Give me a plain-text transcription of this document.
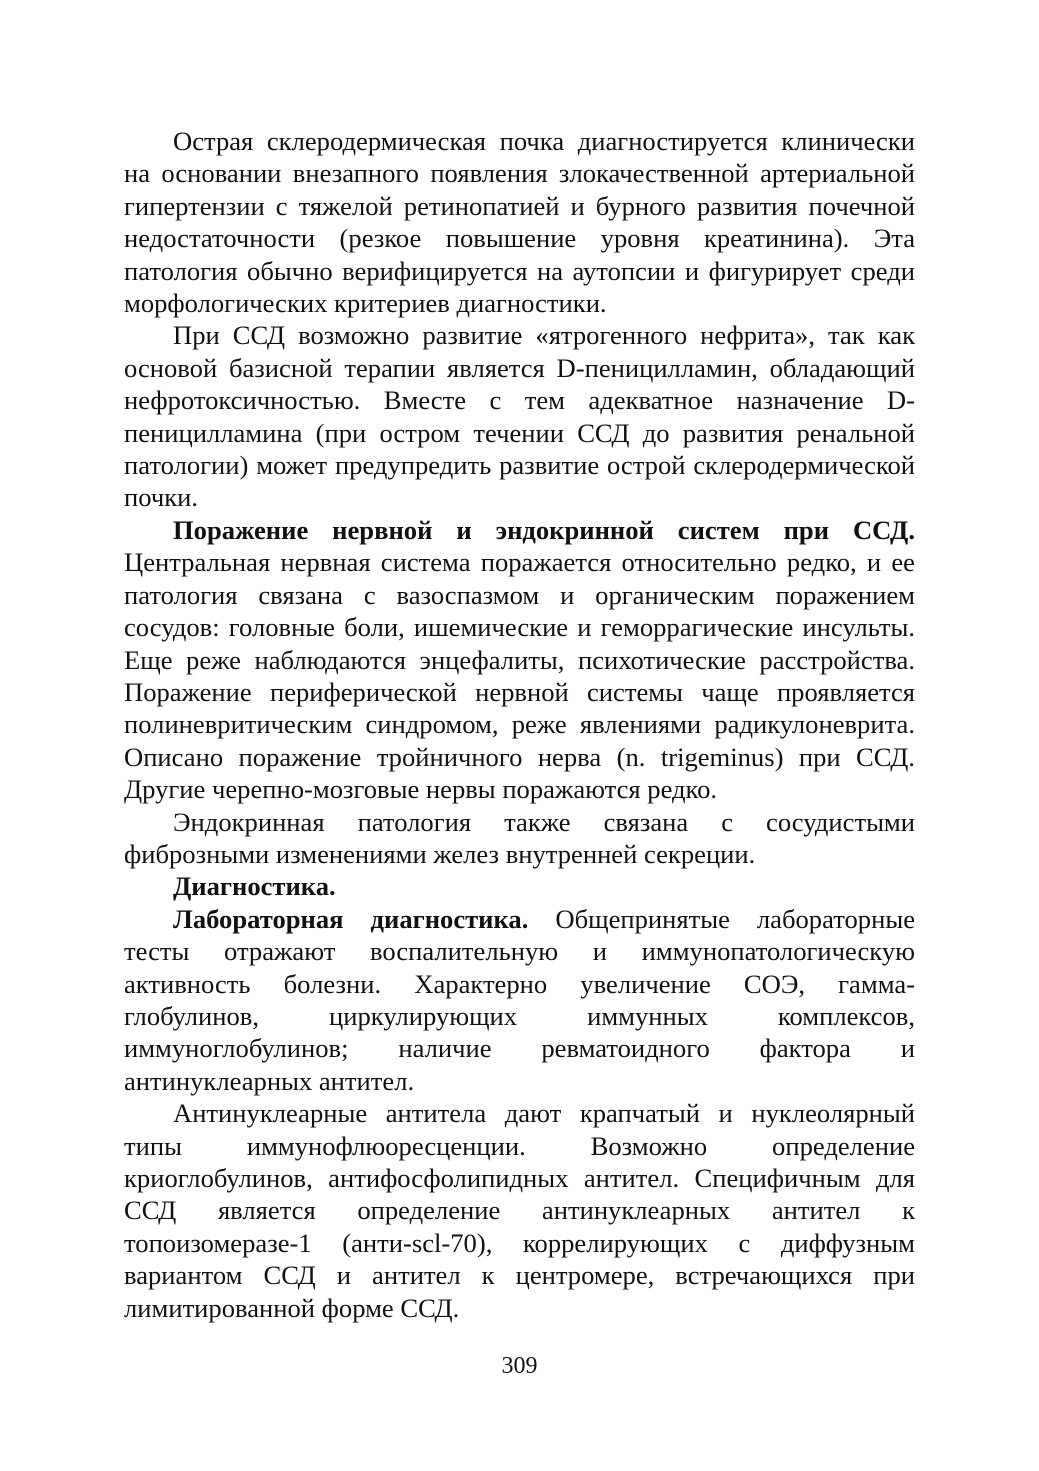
Острая склеродермическая почка диагностируется клинически на основании внезапного появления злокачественной артериальной гипертензии с тяжелой ретинопатией и бурного развития почечной недостаточности (резкое повышение уровня креатинина). Эта патология обычно верифицируется на аутопсии и фигурирует среди морфологических критериев диагностики.

При ССД возможно развитие «ятрогенного нефрита», так как основой базисной терапии является D-пеницилламин, обладающий нефротоксичностью. Вместе с тем адекватное назначение D-пеницилламина (при остром течении ССД до развития ренальной патологии) может предупредить развитие острой склеродермической почки.

Поражение нервной и эндокринной систем при ССД. Центральная нервная система поражается относительно редко, и ее патология связана с вазоспазмом и органическим поражением сосудов: головные боли, ишемические и геморрагические инсульты. Еще реже наблюдаются энцефалиты, психотические расстройства. Поражение периферической нервной системы чаще проявляется полиневритическим синдромом, реже явлениями радикулоневрита. Описано поражение тройничного нерва (n. trigeminus) при ССД. Другие черепно-мозговые нервы поражаются редко.

Эндокринная патология также связана с сосудистыми фиброзными изменениями желез внутренней секреции.

Диагностика.

Лабораторная диагностика. Общепринятые лабораторные тесты отражают воспалительную и иммунопатологическую активность болезни. Характерно увеличение СОЭ, гамма-глобулинов, циркулирующих иммунных комплексов, иммуноглобулинов; наличие ревматоидного фактора и антинуклеарных антител.

Антинуклеарные антитела дают крапчатый и нуклеолярный типы иммунофлюоресценции. Возможно определение криоглобулинов, антифосфолипидных антител. Специфичным для ССД является определение антинуклеарных антител к топоизомеразе-1 (анти-scl-70), коррелирующих с диффузным вариантом ССД и антител к центромере, встречающихся при лимитированной форме ССД.

309
